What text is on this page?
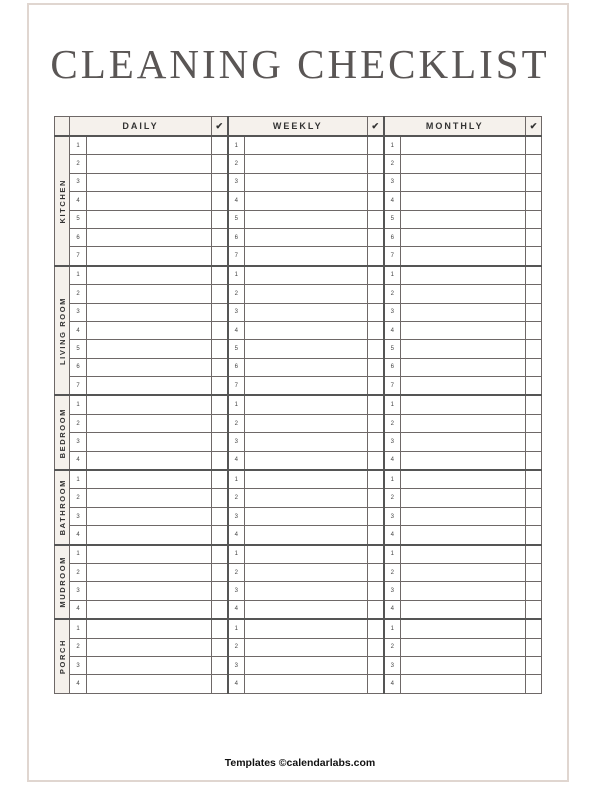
CLEANING CHECKLIST
	DAILY		✔	WEEKLY		✔	MONTHLY		✔

KITCHEN	1			1			1		
	2			2			2		
	3			3			3		
	4			4			4		
	5			5			5		
	6			6			6		
	7			7			7		

LIVING ROOM	1			1			1		
	2			2			2		
	3			3			3		
	4			4			4		
	5			5			5		
	6			6			6		
	7			7			7		

BEDROOM	1			1			1		
	2			2			2		
	3			3			3		
	4			4			4		

BATHROOM	1			1			1		
	2			2			2		
	3			3			3		
	4			4			4		

MUDROOM	1			1			1		
	2			2			2		
	3			3			3		
	4			4			4		

PORCH	1			1			1		
	2			2			2		
	3			3			3		
	4			4			4		
Templates ©calendarlabs.com
